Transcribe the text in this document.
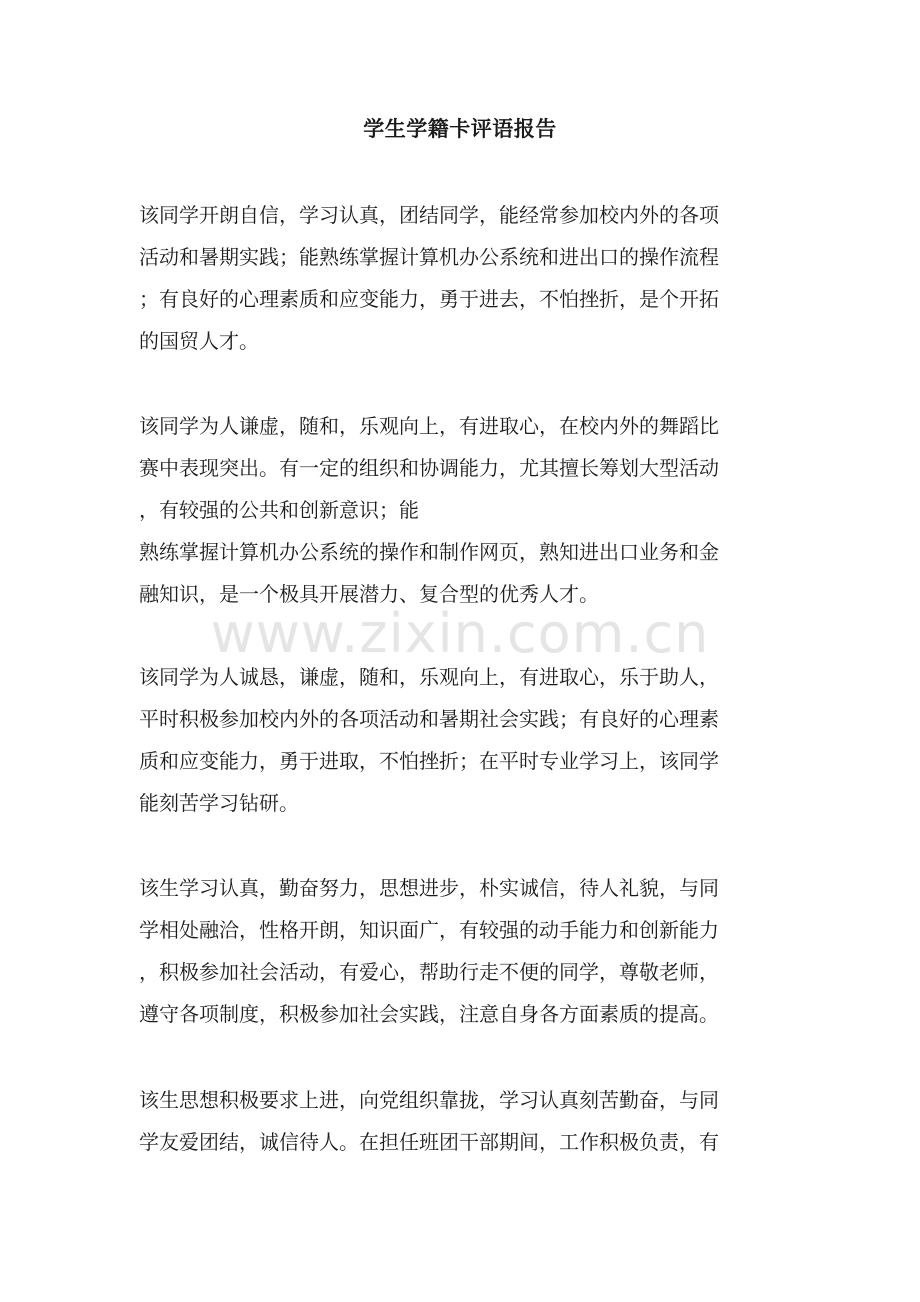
学生学籍卡评语报告
www.zixin.com.cn

该同学开朗自信，学习认真，团结同学，能经常参加校内外的各项
活动和暑期实践；能熟练掌握计算机办公系统和进出口的操作流程
；有良好的心理素质和应变能力，勇于进去，不怕挫折，是个开拓
的国贸人才。

该同学为人谦虚，随和，乐观向上，有进取心，在校内外的舞蹈比
赛中表现突出。有一定的组织和协调能力，尤其擅长筹划大型活动
，有较强的公共和创新意识；能
熟练掌握计算机办公系统的操作和制作网页，熟知进出口业务和金
融知识，是一个极具开展潜力、复合型的优秀人才。

该同学为人诚恳，谦虚，随和，乐观向上，有进取心，乐于助人，
平时积极参加校内外的各项活动和暑期社会实践；有良好的心理素
质和应变能力，勇于进取，不怕挫折；在平时专业学习上，该同学
能刻苦学习钻研。

该生学习认真，勤奋努力，思想进步，朴实诚信，待人礼貌，与同
学相处融洽，性格开朗，知识面广，有较强的动手能力和创新能力
，积极参加社会活动，有爱心，帮助行走不便的同学，尊敬老师，
遵守各项制度，积极参加社会实践，注意自身各方面素质的提高。

该生思想积极要求上进，向党组织靠拢，学习认真刻苦勤奋，与同
学友爱团结，诚信待人。在担任班团干部期间，工作积极负责，有
